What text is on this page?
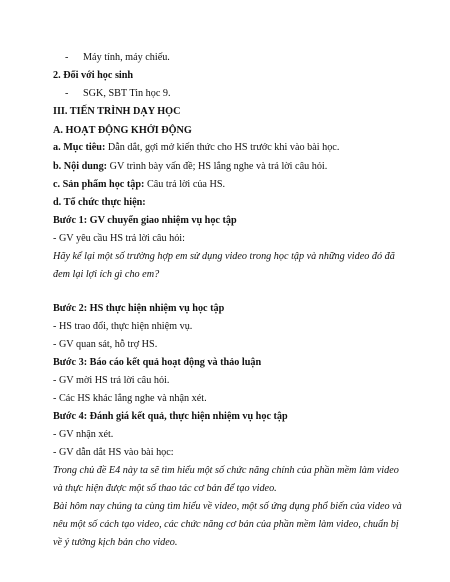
- Máy tính, máy chiếu.
2. Đối với học sinh
- SGK, SBT Tin học 9.
III. TIẾN TRÌNH DẠY HỌC
A. HOẠT ĐỘNG KHỞI ĐỘNG
a. Mục tiêu: Dẫn dắt, gợi mở kiến thức cho HS trước khi vào bài học.
b. Nội dung: GV trình bày vấn đề; HS lắng nghe và trả lời câu hỏi.
c. Sản phẩm học tập: Câu trả lời của HS.
d. Tổ chức thực hiện:
Bước 1: GV chuyển giao nhiệm vụ học tập
- GV yêu cầu HS trả lời câu hỏi:
Hãy kể lại một số trường hợp em sử dụng video trong học tập và những video đó đã
đem lại lợi ích gì cho em?
Bước 2: HS thực hiện nhiệm vụ học tập
- HS trao đổi, thực hiện nhiệm vụ.
- GV quan sát, hỗ trợ HS.
Bước 3: Báo cáo kết quả hoạt động và thảo luận
- GV mời HS trả lời câu hỏi.
- Các HS khác lắng nghe và nhận xét.
Bước 4: Đánh giá kết quả, thực hiện nhiệm vụ học tập
- GV nhận xét.
- GV dẫn dắt HS vào bài học:
Trong chủ đề E4 này ta sẽ tìm hiểu một số chức năng chính của phần mềm làm video
và thực hiện được một số thao tác cơ bản để tạo video.
Bài hôm nay chúng ta cùng tìm hiểu về video, một số ứng dụng phổ biến của video và
nêu một số cách tạo video, các chức năng cơ bản của phần mềm làm video, chuẩn bị
về ý tưởng kịch bản cho video.
